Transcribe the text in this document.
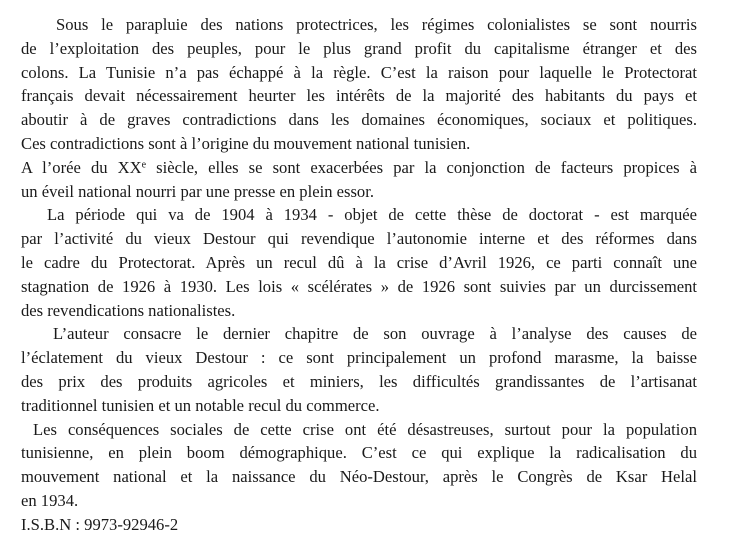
Sous le parapluie des nations protectrices, les régimes colonialistes se sont nourris
de l’exploitation des peuples, pour le plus grand profit du capitalisme étranger et des
colons. La Tunisie n’a pas échappé à la règle. C’est la raison pour laquelle le Protectorat
français devait nécessairement heurter les intérêts de la majorité des habitants du pays et
aboutir à de graves contradictions dans les domaines économiques, sociaux et politiques.
Ces contradictions sont à l’origine du mouvement national tunisien.
A l’orée du XXe siècle, elles se sont exacerbées par la conjonction de facteurs propices à
un éveil national nourri par une presse en plein essor.
La période qui va de 1904 à 1934 - objet de cette thèse de doctorat - est marquée
par l’activité du vieux Destour qui revendique l’autonomie interne et des réformes dans
le cadre du Protectorat. Après un recul dû à la crise d’Avril 1926, ce parti connaît une
stagnation de 1926 à 1930. Les lois « scélérates » de 1926 sont suivies par un durcissement
des revendications nationalistes.
L’auteur consacre le dernier chapitre de son ouvrage à l’analyse des causes de
l’éclatement du vieux Destour : ce sont principalement un profond marasme, la baisse
des prix des produits agricoles et miniers, les difficultés grandissantes de l’artisanat
traditionnel tunisien et un notable recul du commerce.
Les conséquences sociales de cette crise ont été désastreuses, surtout pour la population
tunisienne, en plein boom démographique. C’est ce qui explique la radicalisation du
mouvement national et la naissance du Néo-Destour, après le Congrès de Ksar Helal
en 1934.
I.S.B.N : 9973-92946-2
